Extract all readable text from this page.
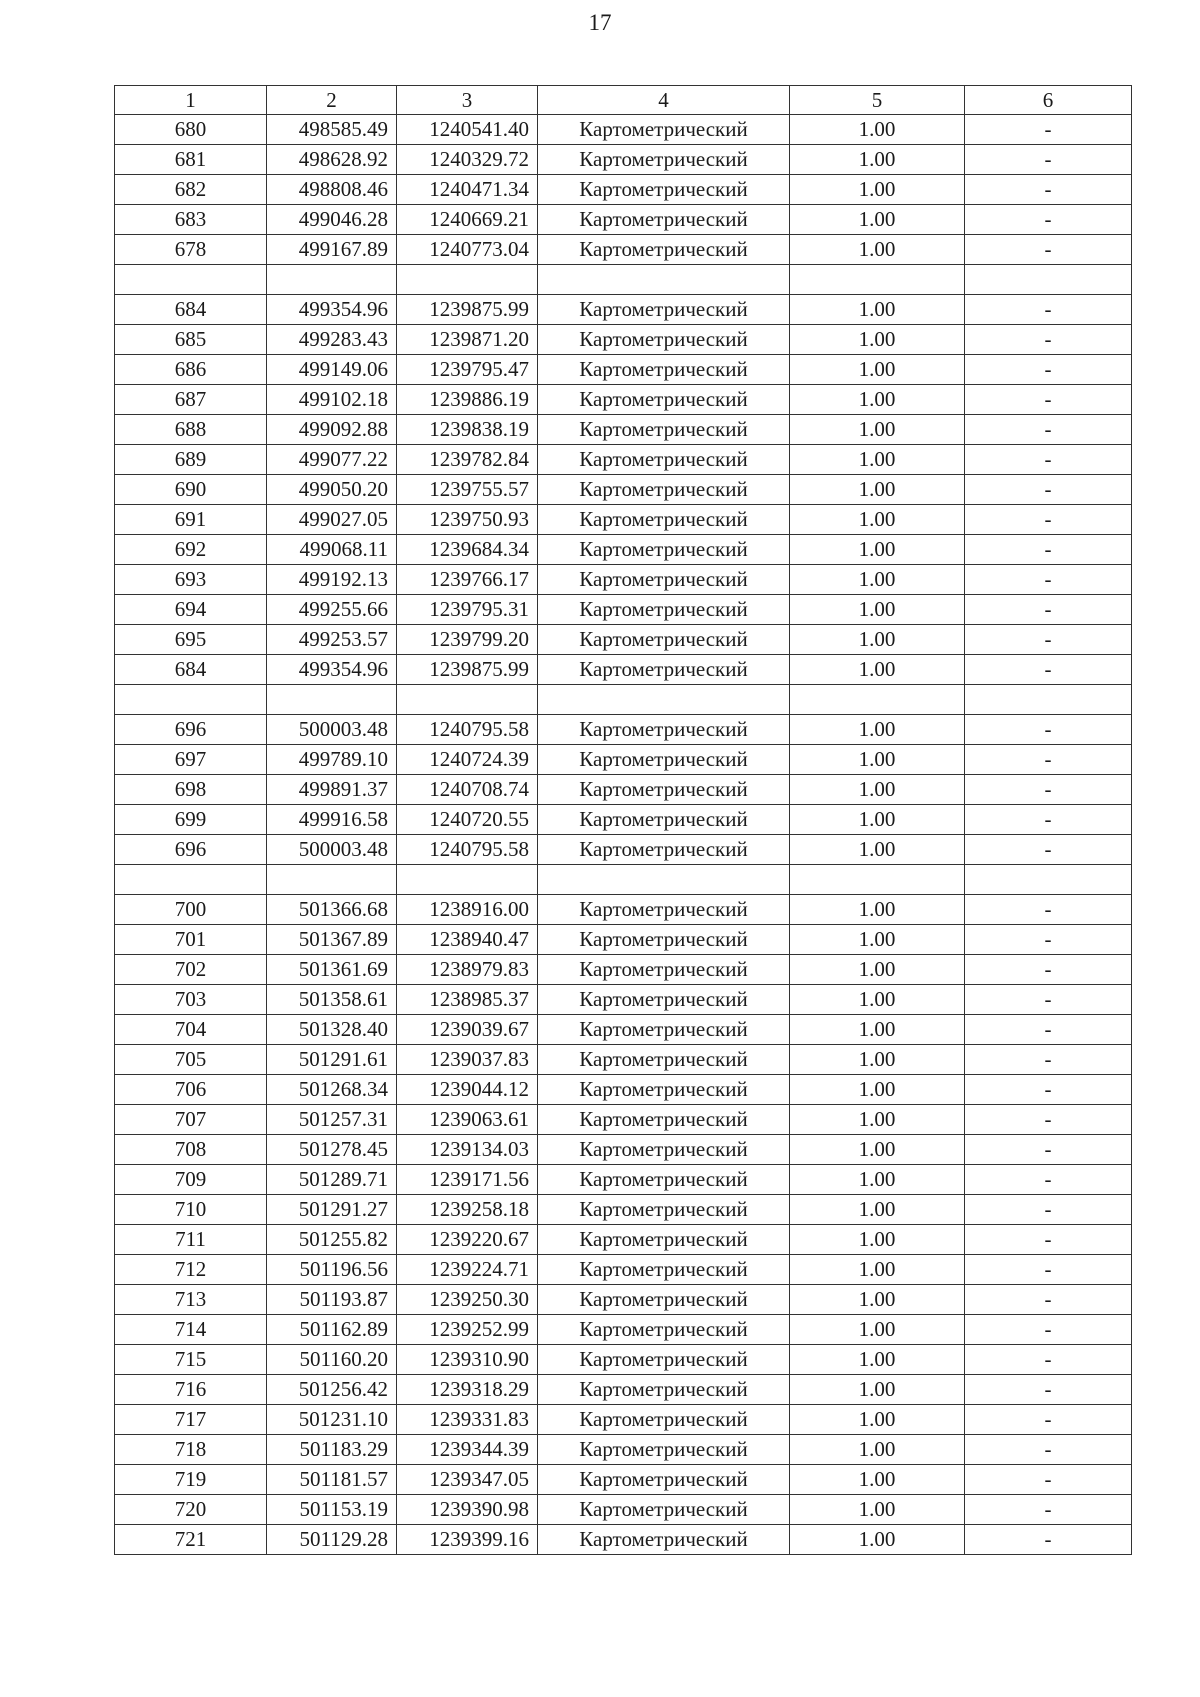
17
1	2	3	4	5	6
680	498585.49	1240541.40	Картометрический	1.00	-
681	498628.92	1240329.72	Картометрический	1.00	-
682	498808.46	1240471.34	Картометрический	1.00	-
683	499046.28	1240669.21	Картометрический	1.00	-
678	499167.89	1240773.04	Картометрический	1.00	-

684	499354.96	1239875.99	Картометрический	1.00	-
685	499283.43	1239871.20	Картометрический	1.00	-
686	499149.06	1239795.47	Картометрический	1.00	-
687	499102.18	1239886.19	Картометрический	1.00	-
688	499092.88	1239838.19	Картометрический	1.00	-
689	499077.22	1239782.84	Картометрический	1.00	-
690	499050.20	1239755.57	Картометрический	1.00	-
691	499027.05	1239750.93	Картометрический	1.00	-
692	499068.11	1239684.34	Картометрический	1.00	-
693	499192.13	1239766.17	Картометрический	1.00	-
694	499255.66	1239795.31	Картометрический	1.00	-
695	499253.57	1239799.20	Картометрический	1.00	-
684	499354.96	1239875.99	Картометрический	1.00	-

696	500003.48	1240795.58	Картометрический	1.00	-
697	499789.10	1240724.39	Картометрический	1.00	-
698	499891.37	1240708.74	Картометрический	1.00	-
699	499916.58	1240720.55	Картометрический	1.00	-
696	500003.48	1240795.58	Картометрический	1.00	-

700	501366.68	1238916.00	Картометрический	1.00	-
701	501367.89	1238940.47	Картометрический	1.00	-
702	501361.69	1238979.83	Картометрический	1.00	-
703	501358.61	1238985.37	Картометрический	1.00	-
704	501328.40	1239039.67	Картометрический	1.00	-
705	501291.61	1239037.83	Картометрический	1.00	-
706	501268.34	1239044.12	Картометрический	1.00	-
707	501257.31	1239063.61	Картометрический	1.00	-
708	501278.45	1239134.03	Картометрический	1.00	-
709	501289.71	1239171.56	Картометрический	1.00	-
710	501291.27	1239258.18	Картометрический	1.00	-
711	501255.82	1239220.67	Картометрический	1.00	-
712	501196.56	1239224.71	Картометрический	1.00	-
713	501193.87	1239250.30	Картометрический	1.00	-
714	501162.89	1239252.99	Картометрический	1.00	-
715	501160.20	1239310.90	Картометрический	1.00	-
716	501256.42	1239318.29	Картометрический	1.00	-
717	501231.10	1239331.83	Картометрический	1.00	-
718	501183.29	1239344.39	Картометрический	1.00	-
719	501181.57	1239347.05	Картометрический	1.00	-
720	501153.19	1239390.98	Картометрический	1.00	-
721	501129.28	1239399.16	Картометрический	1.00	-
